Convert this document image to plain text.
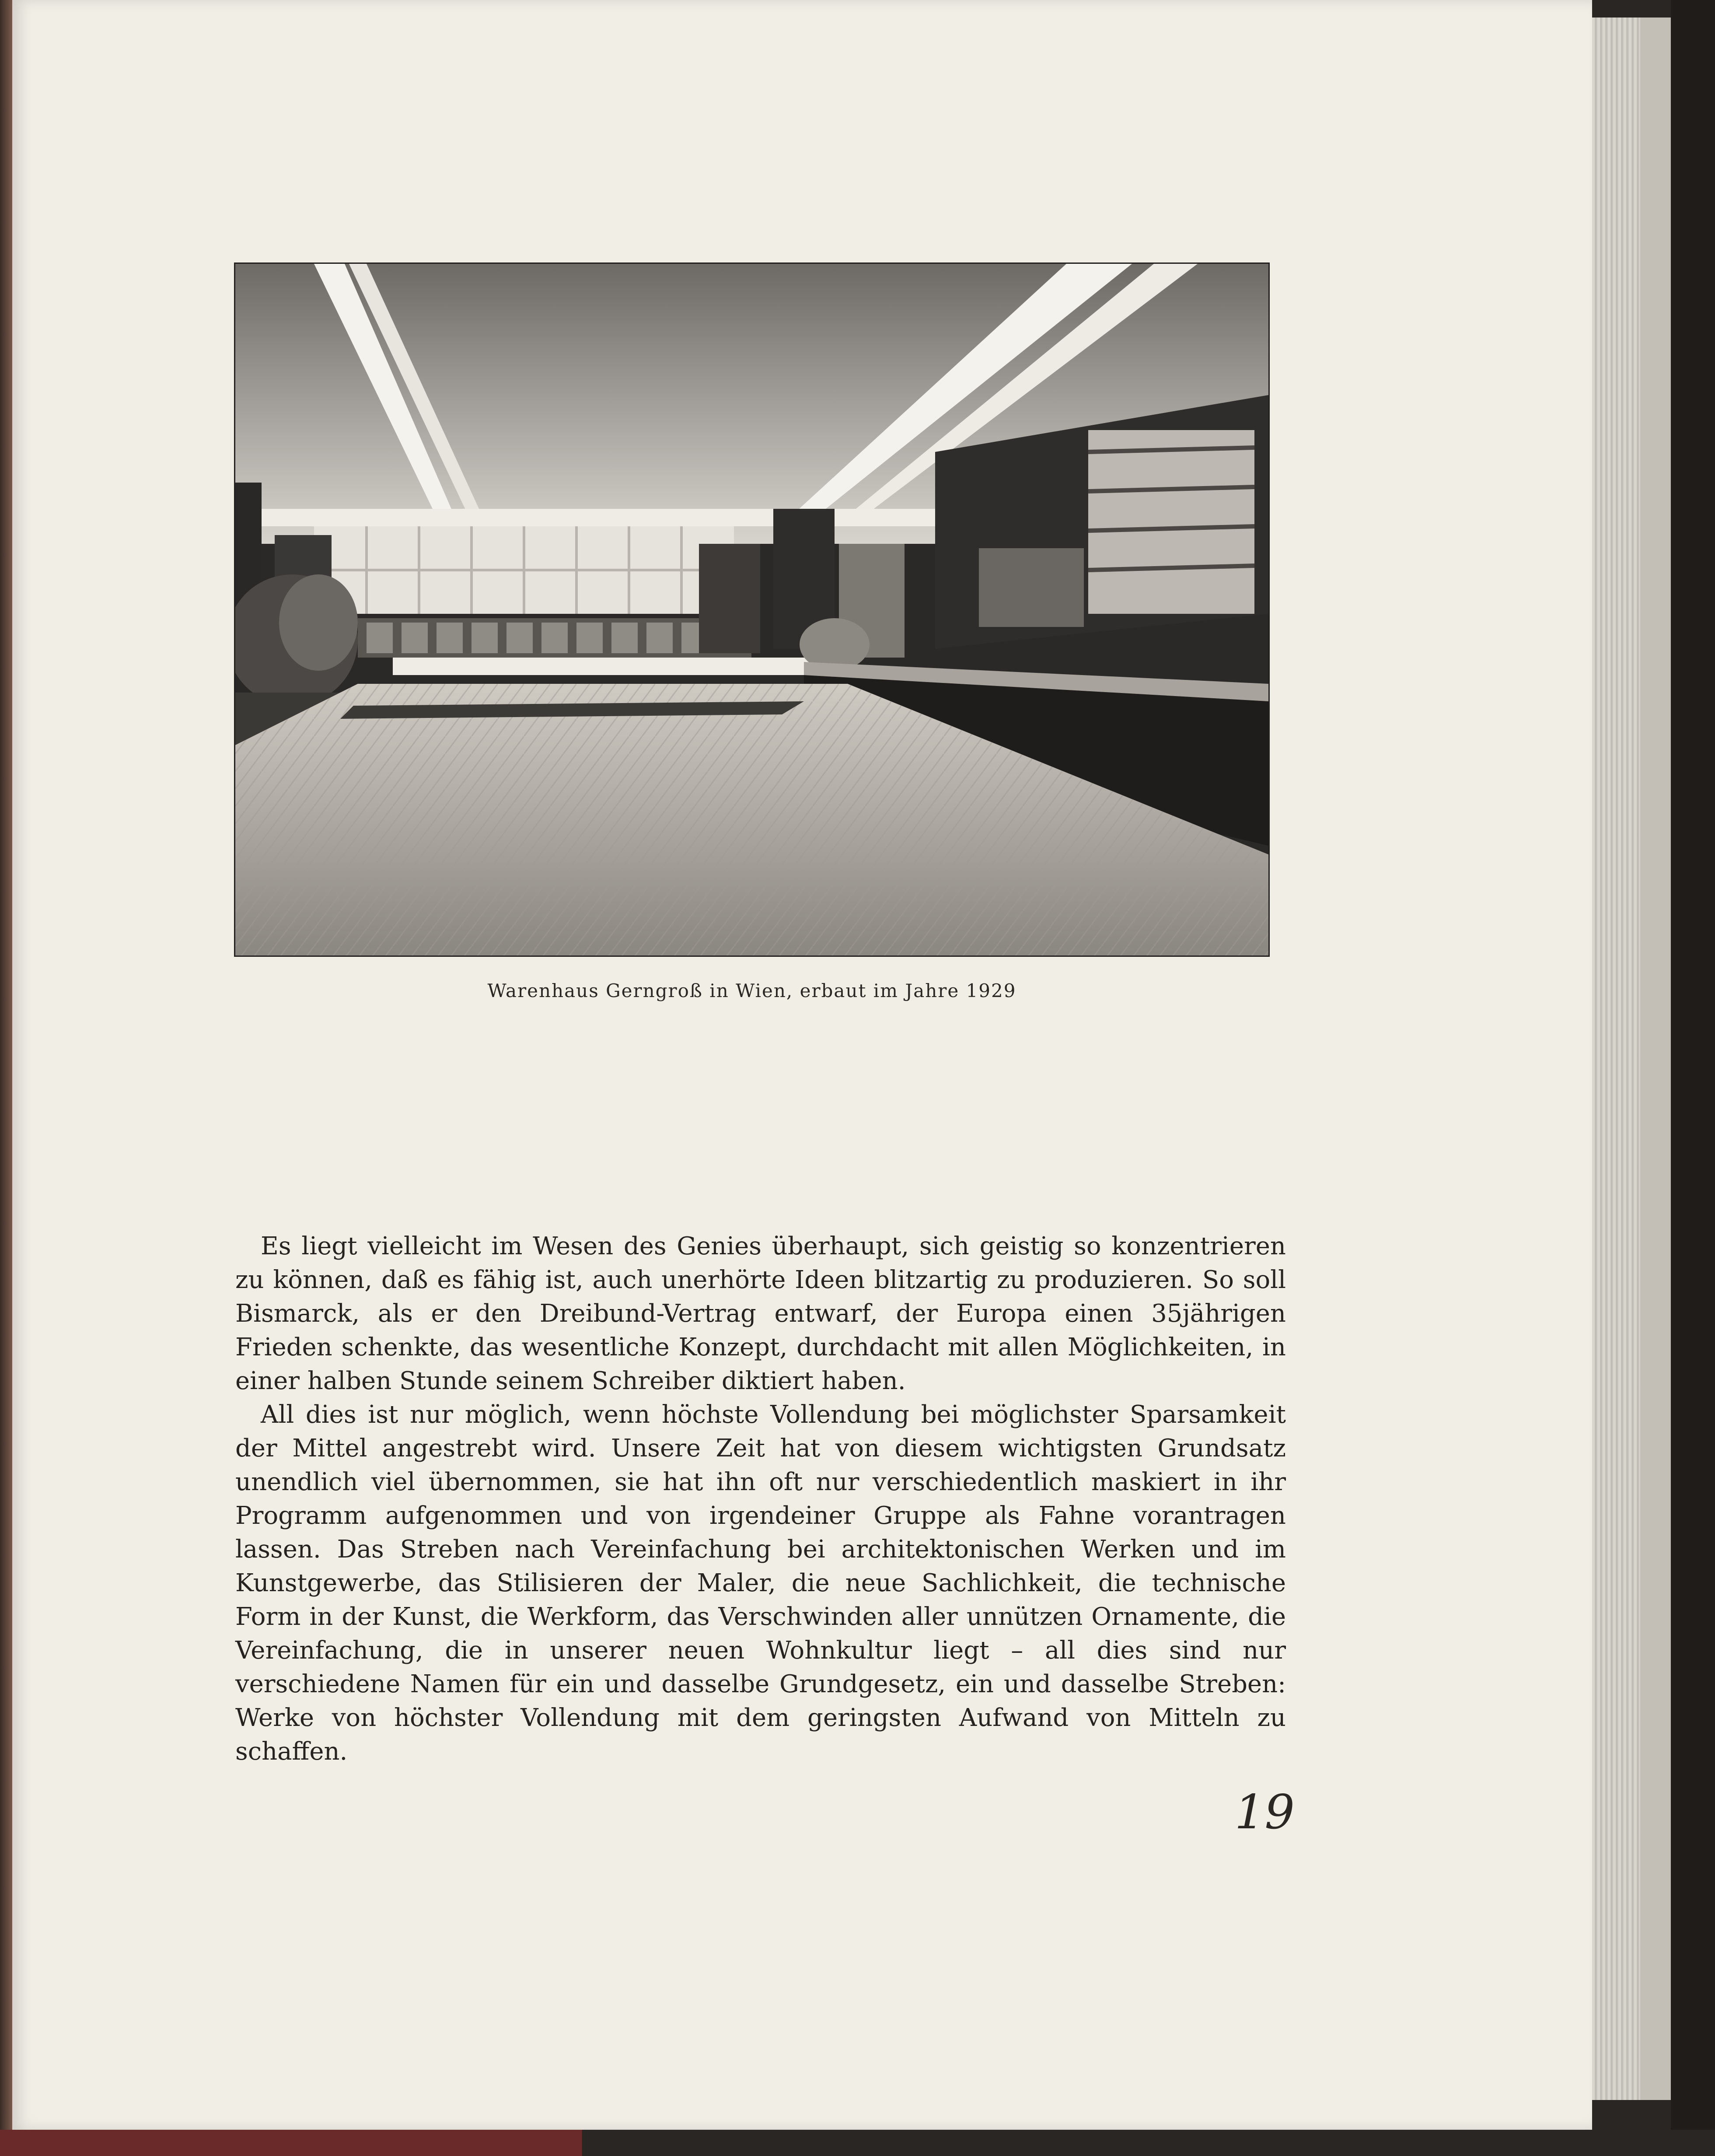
Warenhaus Gerngroß in Wien, erbaut im Jahre 1929

Es liegt vielleicht im Wesen des Genies überhaupt, sich geistig so konzentrieren zu können, daß es fähig ist, auch unerhörte Ideen blitzartig zu produzieren. So soll Bismarck, als er den Dreibund-Vertrag entwarf, der Europa einen 35jährigen Frieden schenkte, das wesentliche Konzept, durchdacht mit allen Möglichkeiten, in einer halben Stunde seinem Schreiber diktiert haben.

All dies ist nur möglich, wenn höchste Vollendung bei möglichster Sparsamkeit der Mittel angestrebt wird. Unsere Zeit hat von diesem wichtigsten Grundsatz unendlich viel übernommen, sie hat ihn oft nur verschiedentlich maskiert in ihr Programm aufgenommen und von irgendeiner Gruppe als Fahne vorantragen lassen. Das Streben nach Vereinfachung bei architektonischen Werken und im Kunstgewerbe, das Stilisieren der Maler, die neue Sachlichkeit, die technische Form in der Kunst, die Werkform, das Verschwinden aller unnützen Ornamente, die Vereinfachung, die in unserer neuen Wohnkultur liegt – all dies sind nur verschiedene Namen für ein und dasselbe Grundgesetz, ein und dasselbe Streben: Werke von höchster Vollendung mit dem geringsten Aufwand von Mitteln zu schaffen.

19
